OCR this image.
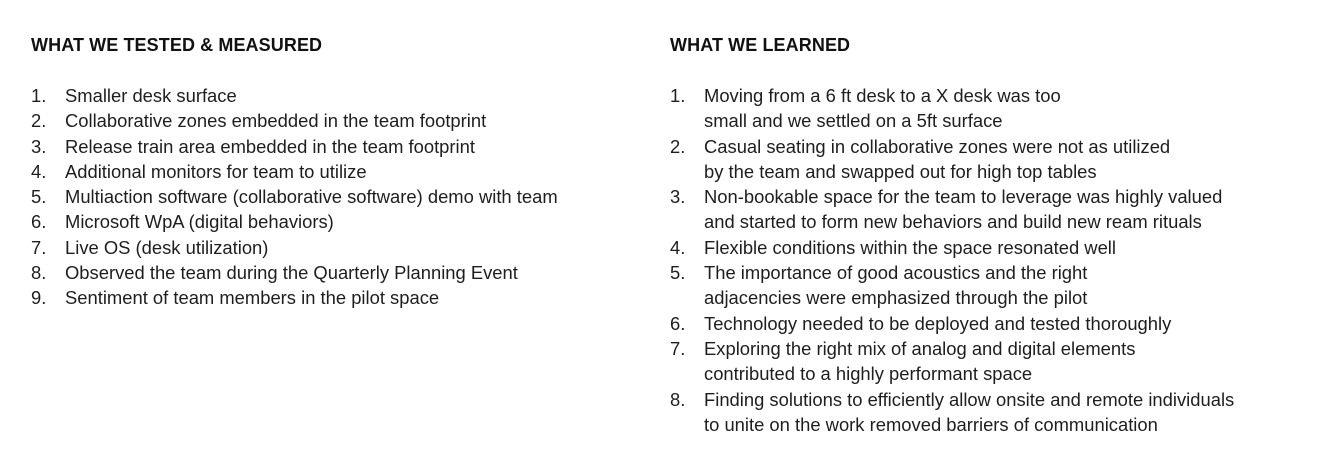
WHAT WE TESTED & MEASURED
1. Smaller desk surface
2. Collaborative zones embedded in the team footprint
3. Release train area embedded in the team footprint
4. Additional monitors for team to utilize
5. Multiaction software (collaborative software) demo with team
6. Microsoft WpA (digital behaviors)
7. Live OS (desk utilization)
8. Observed the team during the Quarterly Planning Event
9. Sentiment of team members in the pilot space
WHAT WE LEARNED
1. Moving from a 6 ft desk to a X desk was too
small and we settled on a 5ft surface
2. Casual seating in collaborative zones were not as utilized
by the team and swapped out for high top tables
3. Non-bookable space for the team to leverage was highly valued
and started to form new behaviors and build new ream rituals
4. Flexible conditions within the space resonated well
5. The importance of good acoustics and the right
adjacencies were emphasized through the pilot
6. Technology needed to be deployed and tested thoroughly
7. Exploring the right mix of analog and digital elements
contributed to a highly performant space
8. Finding solutions to efficiently allow onsite and remote individuals
to unite on the work removed barriers of communication
